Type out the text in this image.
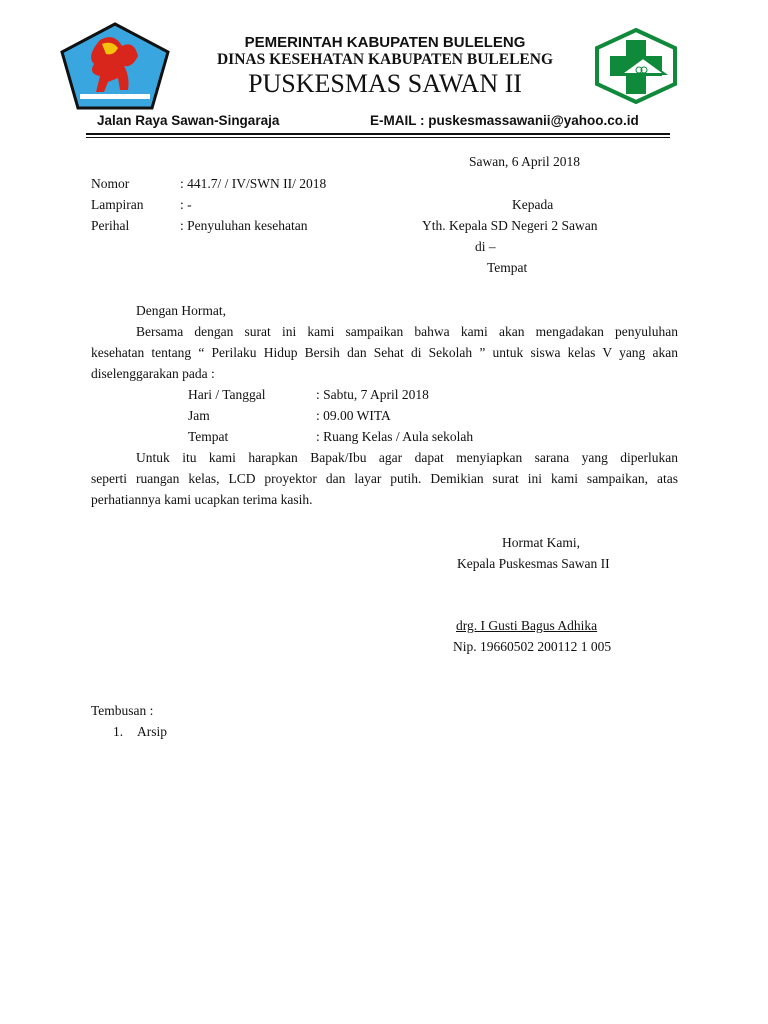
PEMERINTAH KABUPATEN BULELENG
DINAS KESEHATAN KABUPATEN BULELENG
PUSKESMAS SAWAN II
Jalan Raya Sawan-Singaraja	E-MAIL : puskesmassawanii@yahoo.co.id
Sawan, 6 April 2018
Nomor	: 441.7/ / IV/SWN II/ 2018
Lampiran	: -
Perihal	: Penyuluhan kesehatan
Kepada
Yth. Kepala SD Negeri 2 Sawan
di –
Tempat
Dengan Hormat,
Bersama dengan surat ini kami sampaikan bahwa kami akan mengadakan penyuluhan
kesehatan tentang “ Perilaku Hidup Bersih dan Sehat di Sekolah ” untuk siswa kelas V yang akan
diselenggarakan pada :
Hari / Tanggal	: Sabtu, 7 April 2018
Jam	: 09.00 WITA
Tempat	: Ruang Kelas / Aula sekolah
Untuk itu kami harapkan Bapak/Ibu agar dapat menyiapkan sarana yang diperlukan
seperti ruangan kelas, LCD proyektor dan layar putih. Demikian surat ini kami sampaikan, atas
perhatiannya kami ucapkan terima kasih.
Hormat Kami,
Kepala Puskesmas Sawan II
drg. I Gusti Bagus Adhika
Nip. 19660502 200112 1 005
Tembusan :
1. Arsip
